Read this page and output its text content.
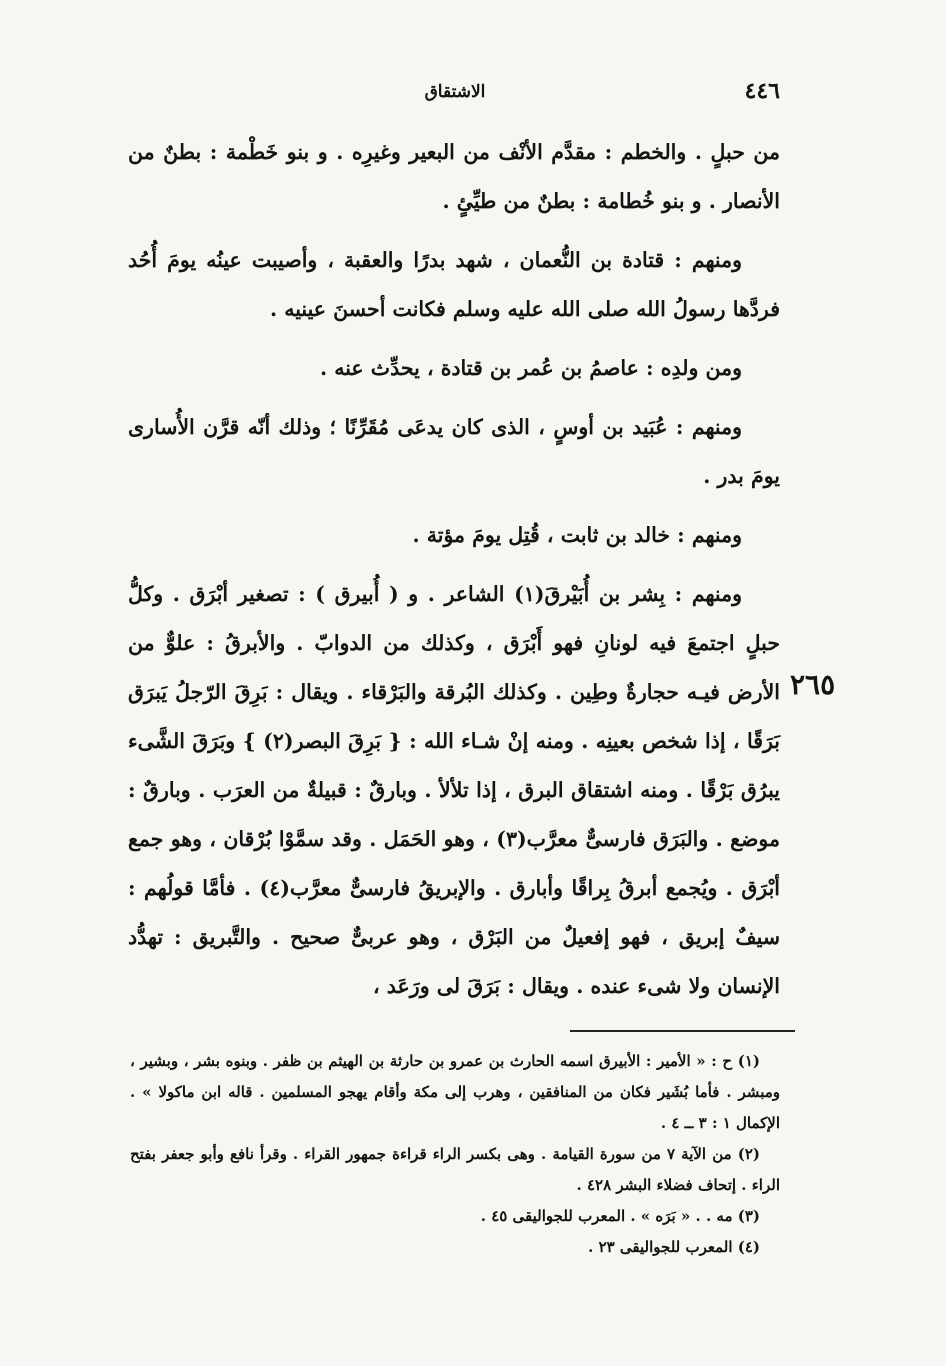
٤٤٦
الاشتقاق

من حبلٍ . والخطم : مقدَّم الأنْف من البعير وغيرِه . و بنو خَطْمة : بطنٌ من الأنصار . و بنو خُطامة : بطنٌ من طيِّئٍ .

ومنهم : قتادة بن النُّعمان ، شهد بدرًا والعقبة ، وأصيبت عينُه يومَ أُحُد فردَّها رسولُ الله صلى الله عليه وسلم فكانت أحسنَ عينيه .

ومن ولدِه : عاصمُ بن عُمر بن قتادة ، يحدِّث عنه .

ومنهم : عُبَيد بن أوسٍ ، الذى كان يدعَى مُقَرِّنًا ؛ وذلك أنّه قرَّن الأُسارى يومَ بدر .

ومنهم : خالد بن ثابت ، قُتِل يومَ مؤتة .

ومنهم : بِشر بن أُبَيْرقَ(١) الشاعر . و ( أُبيرق ) : تصغير أبْرَق . وكلُّ حبلٍ اجتمعَ فيه لونانِ فهو أَبْرَق ، وكذلك من الدوابّ . والأبرقُ : علوٌّ من الأرض فيـه حجارةٌ وطِين . وكذلك البُرقة والبَرْقاء . ويقال : بَرِقَ الرّجلُ يَبرَق بَرَقًا ، إذا شخص بعينِه . ومنه إنْ شـاء الله : { بَرِقَ البصر(٢) } وبَرَقَ الشَّىء يبرُق بَرْقًا . ومنه اشتقاق البرق ، إذا تلألأ . وبارقٌ : قبيلةٌ من العرَب . وبارقٌ : موضع . والبَرَق فارسىٌّ معرَّب(٣) ، وهو الحَمَل . وقد سمَّوْا بُرْقان ، وهو جمع أبْرَق . ويُجمع أبرقُ بِراقًا وأبارق . والإبريقُ فارسىٌّ معرَّب(٤) . فأمَّا قولُهم : سيفٌ إبريق ، فهو إفعيلٌ من البَرْق ، وهو عربىٌّ صحيح . والتَّبريق : تهدُّد الإنسان ولا شىء عنده . ويقال : بَرَقَ لى ورَعَد ،

٢٦٥

(١) ح : « الأمير : الأبيرق اسمه الحارث بن عمرو بن حارثة بن الهيثم بن ظفر . وبنوه بشر ، وبشير ، ومبشر . فأما بُشَير فكان من المنافقين ، وهرب إلى مكة وأقام يهجو المسلمين . قاله ابن ماكولا » . الإكمال ١ : ٣ ــ ٤ .

(٢) من الآية ٧ من سورة القيامة . وهى بكسر الراء قراءة جمهور القراء . وقرأ نافع وأبو جعفر بفتح الراء . إتحاف فضلاء البشر ٤٢٨ .

(٣) مه . . « بَرَه » . المعرب للجواليقى ٤٥ .

(٤) المعرب للجواليقى ٢٣ .
